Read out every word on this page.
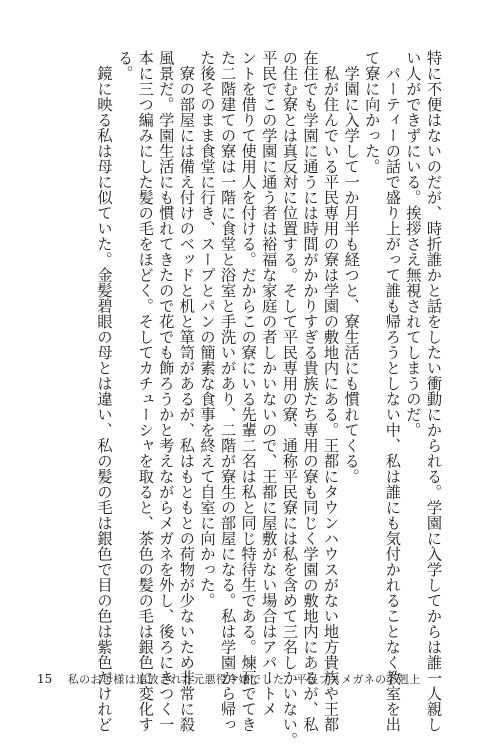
特に不便はないのだが、時折誰かと話をしたい衝動にかられる。学園に入学してからは誰一人親し

い人ができずにいる。挨拶さえ無視されてしまうのだ。

　パーティーの話で盛り上がって誰も帰ろうとしない中、私は誰にも気付かれることなく教室を出

て寮に向かった。

　学園に入学して一か月半も経つと、寮生活にも慣れてくる。

　私が住んでいる平民専用の寮は学園の敷地内にある。王都にタウンハウスがない地方貴族や王都

在住でも学園に通うには時間がかかりすぎる貴族たち専用の寮も同じく学園の敷地内にあるが、私

の住む寮とは真反対に位置する。そして平民専用の寮、通称平民寮には私を含めて三名しかいない。

平民でこの学園に通う者は裕福な家庭の者しかいないので、王都に屋敷がない場合はアパートメ

ントを借りて使用人を付ける。だからこの寮にいる先輩二名は私と同じ特待生である。煉瓦でてき

た二階建ての寮は一階に食堂と浴室と手洗いがあり、二階が寮生の部屋になる。私は学園から帰っ

た後そのまま食堂に行き、スープとパンの簡素な食事を終えて自室に向かった。

　寮の部屋には備え付けのベッドと机と箪笥があるが、私はもともとの荷物が少ないため非常に殺

風景だ。学園生活にも慣れてきたので花でも飾ろうかと考えながらメガネを外し、後ろにきつく一

本に三つ編みにした髪の毛をほどく。そしてカチューシャを取ると、茶色の髪の毛は銀色に変化す

る。

　鏡に映る私は母に似ていた。金髪碧眼の母とは違い、私の髪の毛は銀色で目の色は紫色だけれど

15 私のお母様は追放された元悪役令嬢でした　平民ブスメガネの下剋上
